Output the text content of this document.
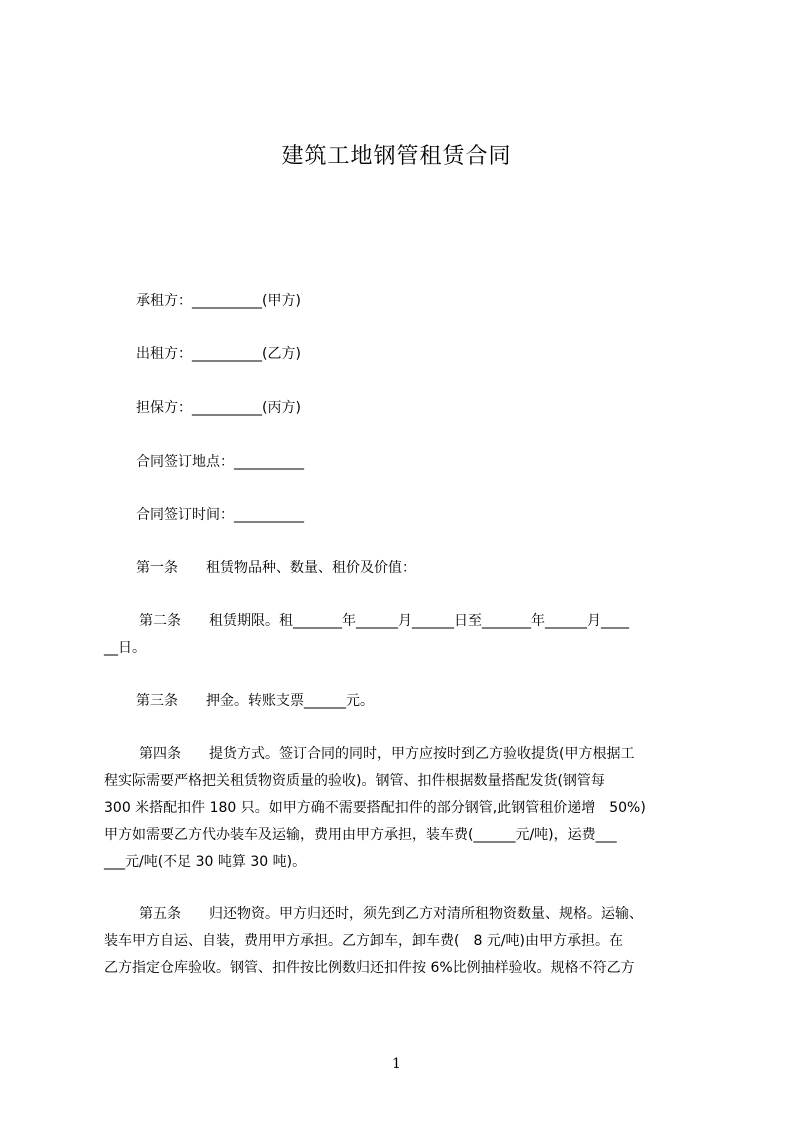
建筑工地钢管租赁合同
承租方：__________(甲方)
出租方：__________(乙方)
担保方：__________(丙方)
合同签订地点：__________
合同签订时间：__________
第一条　　租赁物品种、数量、租价及价值：
第二条　　租赁期限。租_______年______月______日至_______年______月____
__日。
第三条　　押金。转账支票______元。
第四条　　提货方式。签订合同的同时，甲方应按时到乙方验收提货(甲方根据工
程实际需要严格把关租赁物资质量的验收)。钢管、扣件根据数量搭配发货(钢管每
300 米搭配扣件 180 只。如甲方确不需要搭配扣件的部分钢管,此钢管租价递增　50%)
甲方如需要乙方代办装车及运输，费用由甲方承担，装车费(______元/吨)，运费___
___元/吨(不足 30 吨算 30 吨)。
第五条　　归还物资。甲方归还时，须先到乙方对清所租物资数量、规格。运输、
装车甲方自运、自装，费用甲方承担。乙方卸车，卸车费(　8 元/吨)由甲方承担。在
乙方指定仓库验收。钢管、扣件按比例数归还扣件按 6%比例抽样验收。规格不符乙方
1
